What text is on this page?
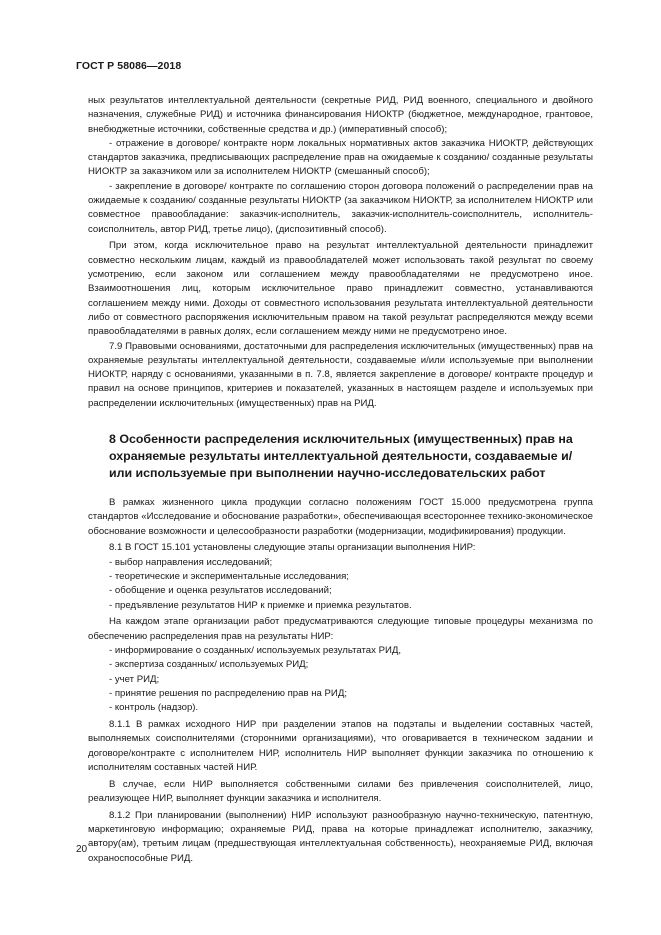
ГОСТ Р 58086—2018

ных результатов интеллектуальной деятельности (секретные РИД, РИД военного, специального и двойного назначения, служебные РИД) и источника финансирования НИОКТР (бюджетное, международное, грантовое, внебюджетные источники, собственные средства и др.) (императивный способ);

- отражение в договоре/ контракте норм локальных нормативных актов заказчика НИОКТР, действующих стандартов заказчика, предписывающих распределение прав на ожидаемые к созданию/ созданные результаты НИОКТР за заказчиком или за исполнителем НИОКТР (смешанный способ);

- закрепление в договоре/ контракте по соглашению сторон договора положений о распределении прав на ожидаемые к созданию/ созданные результаты НИОКТР (за заказчиком НИОКТР, за исполнителем НИОКТР или совместное правообладание: заказчик-исполнитель, заказчик-исполнитель-соисполнитель, исполнитель-соисполнитель, автор РИД, третье лицо), (диспозитивный способ).

При этом, когда исключительное право на результат интеллектуальной деятельности принадлежит совместно нескольким лицам, каждый из правообладателей может использовать такой результат по своему усмотрению, если законом или соглашением между правообладателями не предусмотрено иное. Взаимоотношения лиц, которым исключительное право принадлежит совместно, устанавливаются соглашением между ними. Доходы от совместного использования результата интеллектуальной деятельности либо от совместного распоряжения исключительным правом на такой результат распределяются между всеми правообладателями в равных долях, если соглашением между ними не предусмотрено иное.

7.9 Правовыми основаниями, достаточными для распределения исключительных (имущественных) прав на охраняемые результаты интеллектуальной деятельности, создаваемые и/или используемые при выполнении НИОКТР, наряду с основаниями, указанными в п. 7.8, является закрепление в договоре/ контракте процедур и правил на основе принципов, критериев и показателей, указанных в настоящем разделе и используемых при распределении исключительных (имущественных) прав на РИД.

8 Особенности распределения исключительных (имущественных) прав на охраняемые результаты интеллектуальной деятельности, создаваемые и/или используемые при выполнении научно-исследовательских работ

В рамках жизненного цикла продукции согласно положениям ГОСТ 15.000 предусмотрена группа стандартов «Исследование и обоснование разработки», обеспечивающая всестороннее технико-экономическое обоснование возможности и целесообразности разработки (модернизации, модификирования) продукции.

8.1 В ГОСТ 15.101 установлены следующие этапы организации выполнения НИР:

- выбор направления исследований;

- теоретические и экспериментальные исследования;

- обобщение и оценка результатов исследований;

- предъявление результатов НИР к приемке и приемка результатов.

На каждом этапе организации работ предусматриваются следующие типовые процедуры механизма по обеспечению распределения прав на результаты НИР:

- информирование о созданных/ используемых результатах РИД,

- экспертиза созданных/ используемых РИД;

- учет РИД;

- принятие решения по распределению прав на РИД;

- контроль (надзор).

8.1.1 В рамках исходного НИР при разделении этапов на подэтапы и выделении составных частей, выполняемых соисполнителями (сторонними организациями), что оговаривается в техническом задании и договоре/контракте с исполнителем НИР, исполнитель НИР выполняет функции заказчика по отношению к исполнителям составных частей НИР.

В случае, если НИР выполняется собственными силами без привлечения соисполнителей, лицо, реализующее НИР, выполняет функции заказчика и исполнителя.

8.1.2 При планировании (выполнении) НИР используют разнообразную научно-техническую, патентную, маркетинговую информацию; охраняемые РИД, права на которые принадлежат исполнителю, заказчику, автору(ам), третьим лицам (предшествующая интеллектуальная собственность), неохраняемые РИД, включая охраноспособные РИД.

20
